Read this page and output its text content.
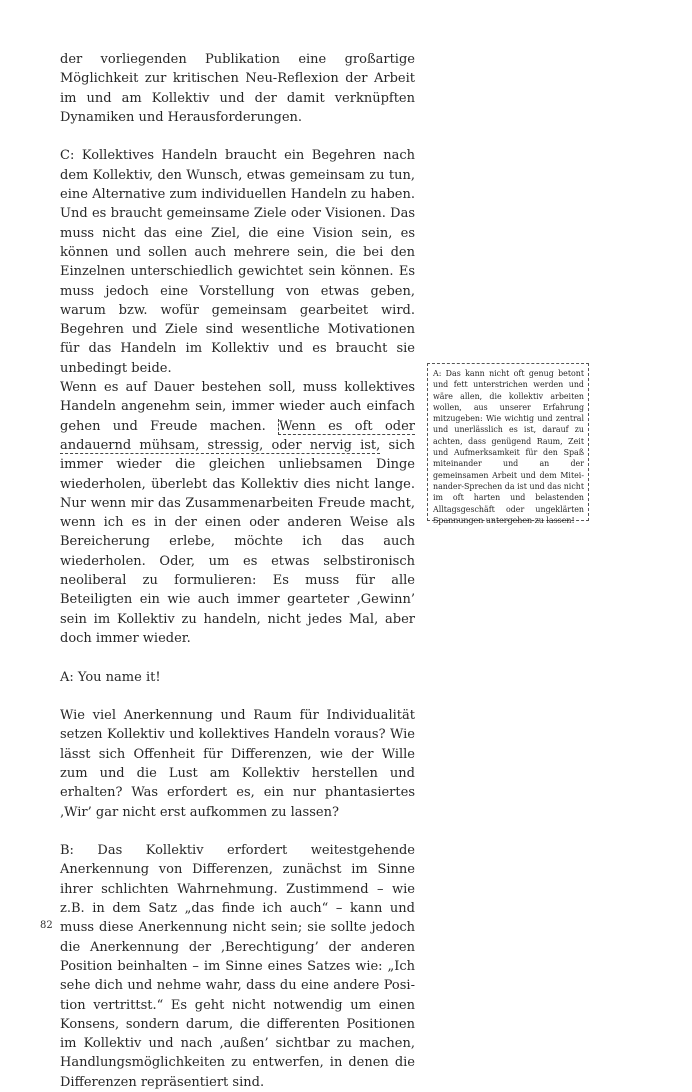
der vorliegenden Publikation eine großartige Möglichkeit zur kritischen Neu-Reflexion der Arbeit im und am Kollektiv und der damit verknüpften Dynamiken und Herausforderungen.

C: Kollektives Handeln braucht ein Begehren nach dem Kollektiv, den Wunsch, etwas gemeinsam zu tun, eine Alternative zum individuellen Handeln zu haben. Und es braucht gemeinsame Ziele oder Visionen. Das muss nicht das eine Ziel, die eine Vision sein, es können und sollen auch mehrere sein, die bei den Einzelnen unterschiedlich gewichtet sein können. Es muss jedoch eine Vorstellung von etwas geben, warum bzw. wofür gemeinsam gearbeitet wird. Begehren und Ziele sind wesentliche Motivationen für das Handeln im Kollektiv und es braucht sie unbedingt beide.

Wenn es auf Dauer bestehen soll, muss kollektives Handeln angenehm sein, immer wieder auch einfach gehen und Freude machen. Wenn es oft oder andauernd mühsam, stressig, oder nervig ist, sich immer wieder die gleichen unliebsamen Dinge wiederholen, überlebt das Kollektiv dies nicht lange. Nur wenn mir das Zusammenarbeiten Freude macht, wenn ich es in der einen oder anderen Weise als Bereicherung erlebe, möchte ich das auch wiederholen. Oder, um es etwas selbstironisch neoliberal zu formulieren: Es muss für alle Beteiligten ein wie auch immer gearteter ‚Gewinn’ sein im Kollektiv zu handeln, nicht jedes Mal, aber doch immer wieder.

A: You name it!

Wie viel Anerkennung und Raum für Individualität setzen Kollektiv und kollektives Handeln voraus? Wie lässt sich Offenheit für Differenzen, wie der Wille zum und die Lust am Kollektiv herstellen und erhalten? Was erfordert es, ein nur phantasiertes ‚Wir’ gar nicht erst aufkommen zu lassen?

B: Das Kollektiv erfordert weitestgehende Anerkennung von Differenzen, zunächst im Sinne ihrer schlichten Wahrnehmung. Zustimmend – wie z.B. in dem Satz „das finde ich auch“ – kann und muss diese Anerkennung nicht sein; sie sollte jedoch die Anerkennung der ‚Berechtigung’ der anderen Position beinhalten – im Sinne eines Satzes wie: „Ich sehe dich und nehme wahr, dass du eine andere Position vertrittst.“ Es geht nicht notwendig um einen Konsens, sondern darum, die differenten Positionen im Kollektiv und nach ‚außen’ sichtbar zu machen, Handlungsmöglichkeiten zu entwerfen, in denen die Differenzen repräsentiert sind.

A: Das kann nicht oft genug betont und fett unterstrichen werden und wäre allen, die kollektiv arbeiten wollen, aus unserer Erfahrung mitzugeben: Wie wichtig und zentral und unerlässlich es ist, darauf zu achten, dass genügend Raum, Zeit und Aufmerksamkeit für den Spaß miteinander und an der gemeinsamen Arbeit und dem Miteinander-Sprechen da ist und das nicht im oft harten und belastenden Alltagsgeschäft oder ungeklärten Spannungen untergehen zu lassen!
82
